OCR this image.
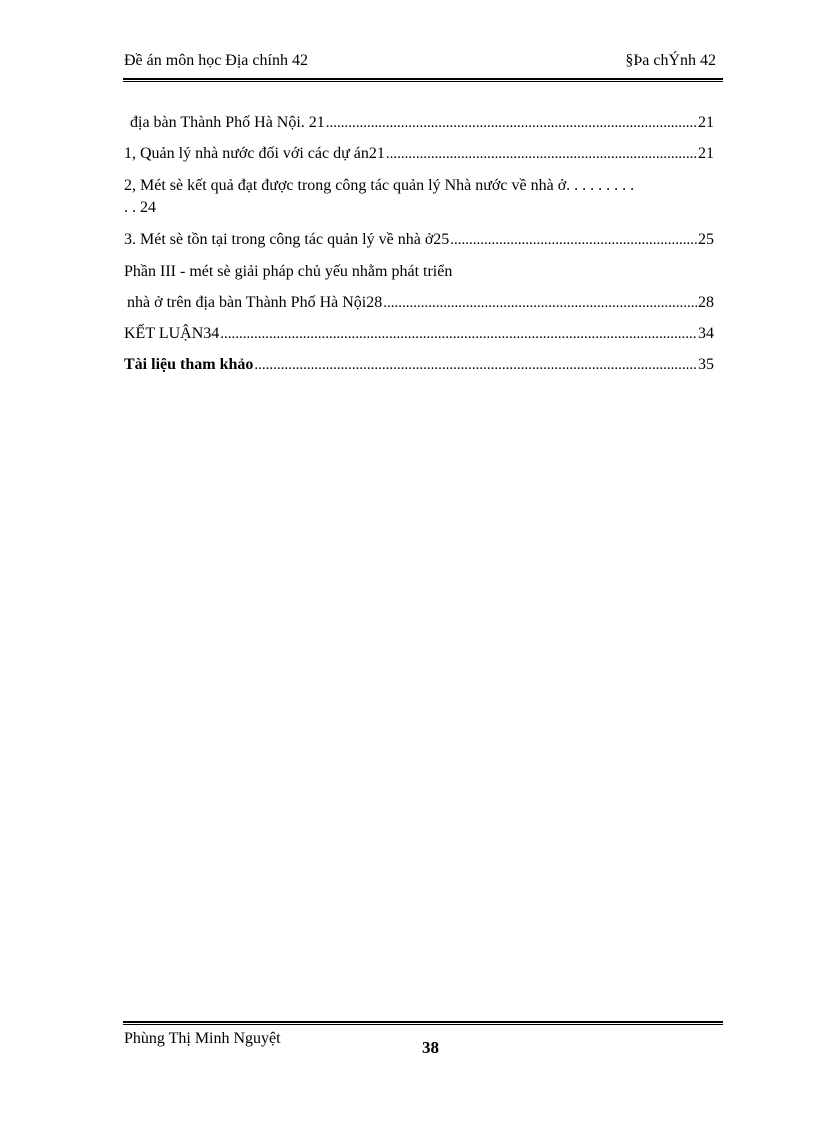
Đề án môn học Địa chính 42	§Þa chÝnh 42
địa bàn Thành Phố Hà Nội. 21 .....	21
1, Quản lý nhà nước đối với các dự án21 .....	21
2, Mét sè kết quả đạt được trong công tác quản lý Nhà nước về nhà ở. . . . . . . . .
. . 24
3. Mét sè tồn tại trong công tác quản lý về nhà ở25 .....	25
Phần III - mét sè giải pháp chủ yếu nhằm phát triển
nhà ở trên địa bàn Thành Phố Hà Nội28 .....	28
KẾT LUẬN34 .....	34
Tài liệu tham khảo .....	35
Phùng Thị Minh Nguyệt	38
